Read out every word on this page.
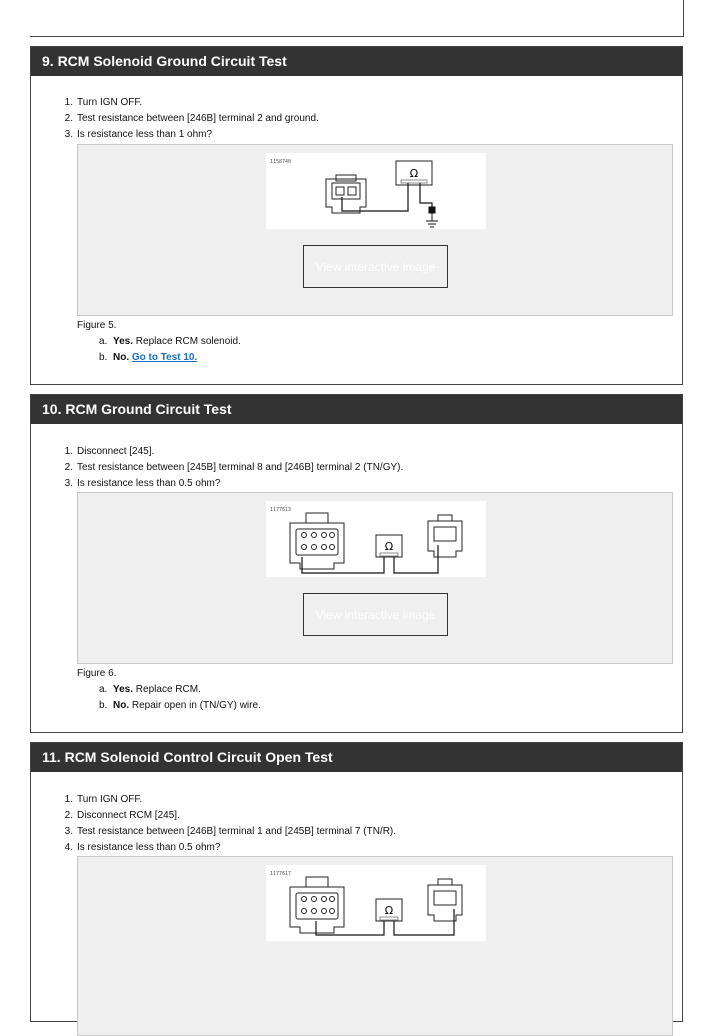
9. RCM Solenoid Ground Circuit Test
1. Turn IGN OFF.
2. Test resistance between [246B] terminal 2 and ground.
3. Is resistance less than 1 ohm?
1158740
Ω
View interactive image
Figure 5.
a. Yes. Replace RCM solenoid.
b. No. Go to Test 10.
10. RCM Ground Circuit Test
1. Disconnect [245].
2. Test resistance between [245B] terminal 8 and [246B] terminal 2 (TN/GY).
3. Is resistance less than 0.5 ohm?
1177613
Ω
View interactive image
Figure 6.
a. Yes. Replace RCM.
b. No. Repair open in (TN/GY) wire.
11. RCM Solenoid Control Circuit Open Test
1. Turn IGN OFF.
2. Disconnect RCM [245].
3. Test resistance between [246B] terminal 1 and [245B] terminal 7 (TN/R).
4. Is resistance less than 0.5 ohm?
1177617
Ω
